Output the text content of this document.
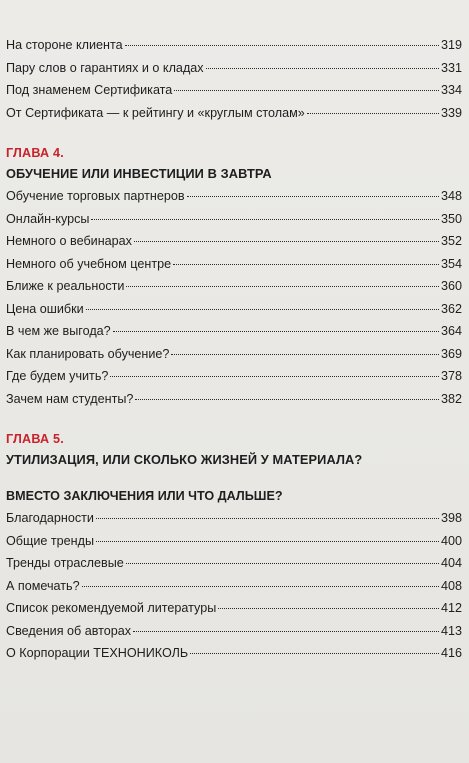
На стороне клиента	319
Пару слов о гарантиях и о кладах	331
Под знаменем Сертификата	334
От Сертификата — к рейтингу и «круглым столам»	339
ГЛАВА 4.
ОБУЧЕНИЕ ИЛИ ИНВЕСТИЦИИ В ЗАВТРА
Обучение торговых партнеров	348
Онлайн-курсы	350
Немного о вебинарах	352
Немного об учебном центре	354
Ближе к реальности	360
Цена ошибки	362
В чем же выгода?	364
Как планировать обучение?	369
Где будем учить?	378
Зачем нам студенты?	382
ГЛАВА 5.
УТИЛИЗАЦИЯ, ИЛИ СКОЛЬКО ЖИЗНЕЙ У МАТЕРИАЛА?
ВМЕСТО ЗАКЛЮЧЕНИЯ ИЛИ ЧТО ДАЛЬШЕ?
Благодарности	398
Общие тренды	400
Тренды отраслевые	404
А помечать?	408
Список рекомендуемой литературы	412
Сведения об авторах	413
О Корпорации ТЕХНОНИКОЛЬ	416
